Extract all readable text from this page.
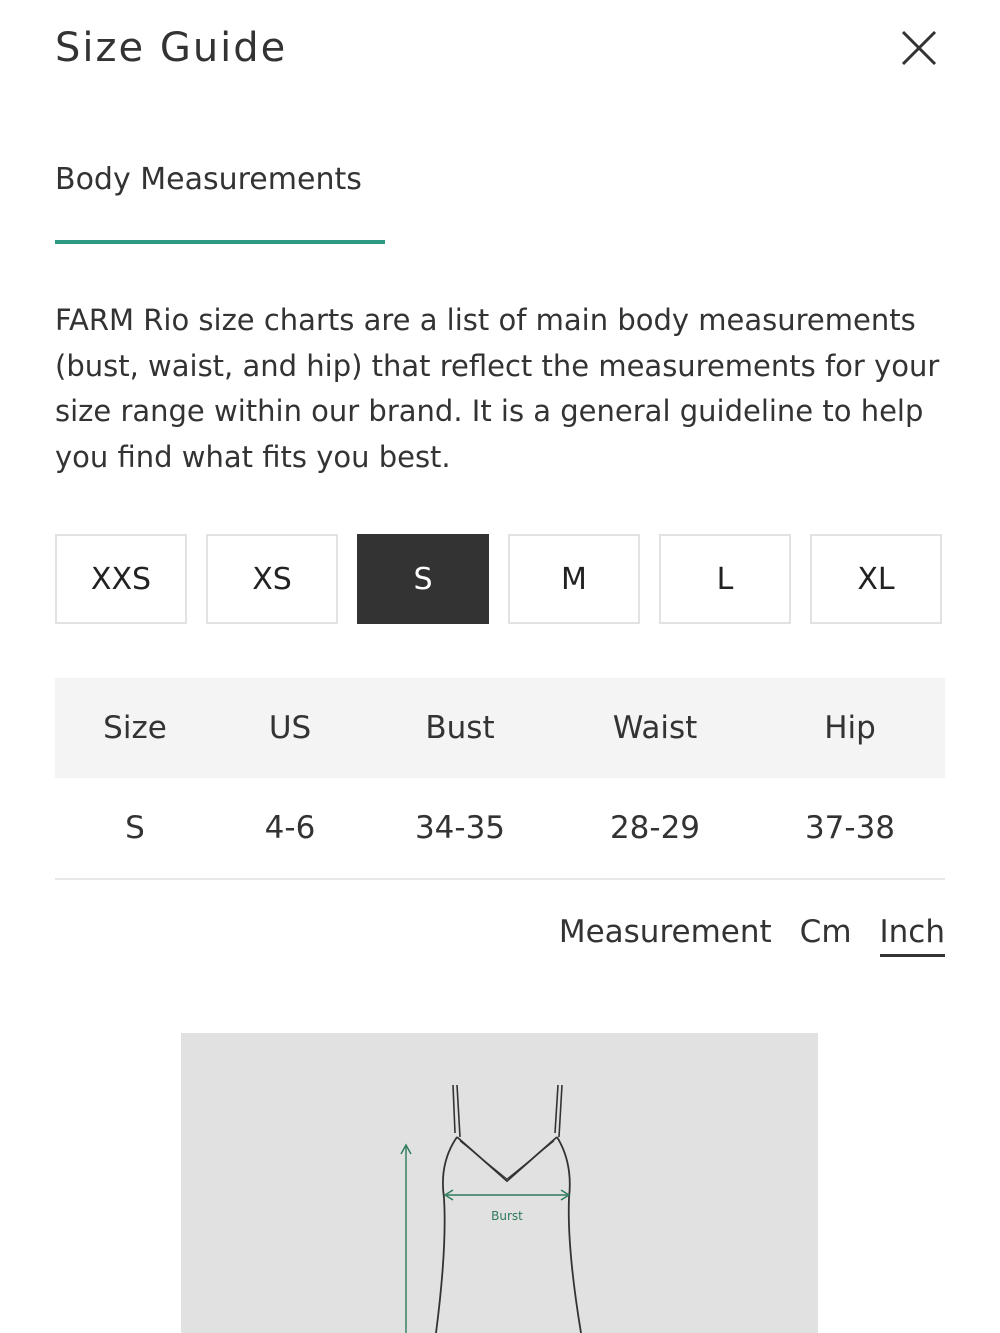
Size Guide
Body Measurements

FARM Rio size charts are a list of main body measurements (bust, waist, and hip) that reflect the measurements for your size range within our brand. It is a general guideline to help you find what fits you best.

XXS	XS	S	M	L	XL
Size	US	Bust	Waist	Hip
S	4-6	34-35	28-29	37-38
Measurement Cm Inch
Burst
